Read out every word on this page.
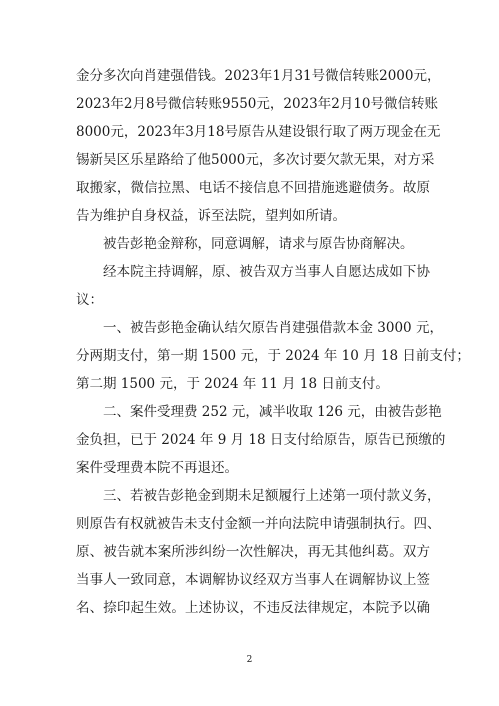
金分多次向肖建强借钱。2023年1月31号微信转账2000元，
2023年2月8号微信转账9550元，2023年2月10号微信转账
8000元，2023年3月18号原告从建设银行取了两万现金在无
锡新吴区乐星路给了他5000元，多次讨要欠款无果，对方采
取搬家，微信拉黑、电话不接信息不回措施逃避债务。故原
告为维护自身权益，诉至法院，望判如所请。
被告彭艳金辩称，同意调解，请求与原告协商解决。
经本院主持调解，原、被告双方当事人自愿达成如下协
议：
一、被告彭艳金确认结欠原告肖建强借款本金 3000 元，
分两期支付，第一期 1500 元，于 2024 年 10 月 18 日前支付；
第二期 1500 元，于 2024 年 11 月 18 日前支付。
二、案件受理费 252 元，减半收取 126 元，由被告彭艳
金负担，已于 2024 年 9 月 18 日支付给原告，原告已预缴的
案件受理费本院不再退还。
三、若被告彭艳金到期未足额履行上述第一项付款义务，
则原告有权就被告未支付金额一并向法院申请强制执行。四、
原、被告就本案所涉纠纷一次性解决，再无其他纠葛。双方
当事人一致同意，本调解协议经双方当事人在调解协议上签
名、捺印起生效。上述协议，不违反法律规定，本院予以确
2
